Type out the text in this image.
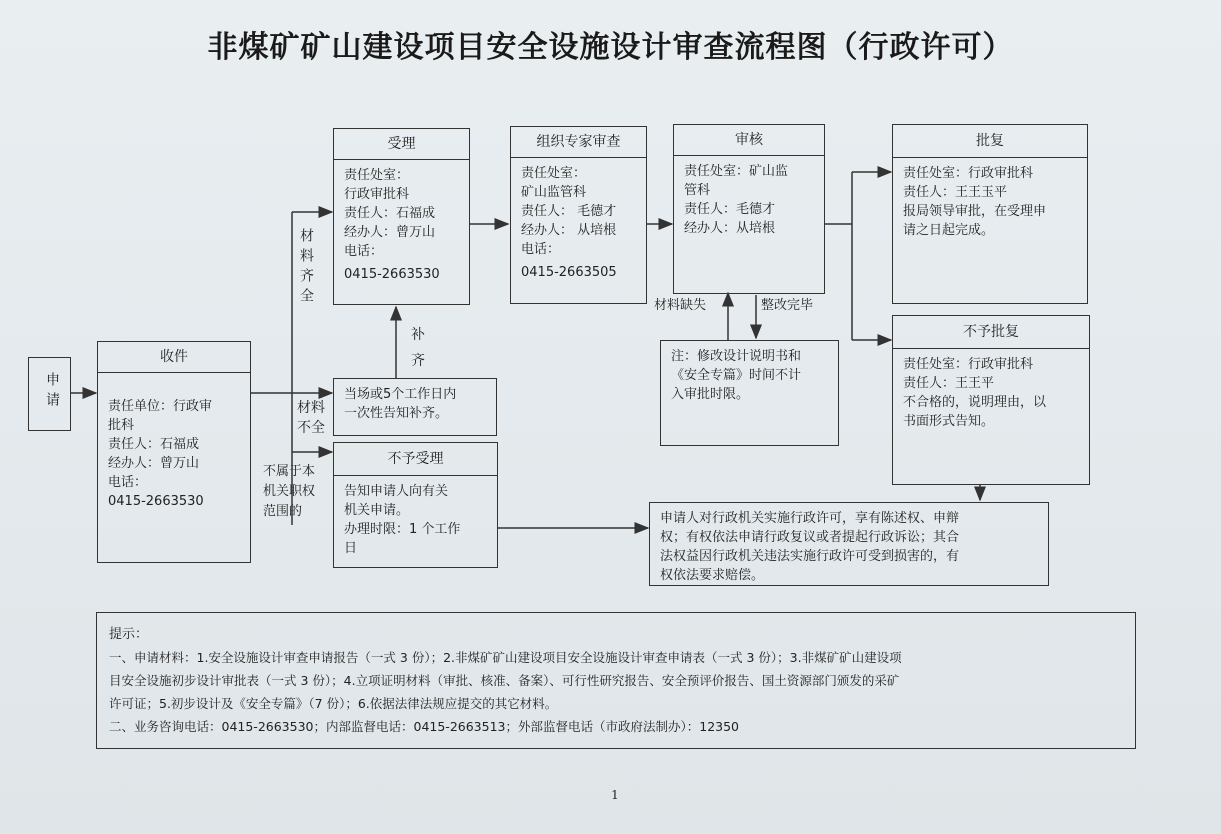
非煤矿矿山建设项目安全设施设计审查流程图（行政许可）
申请
收件
责任单位：行政审
批科
责任人：石福成
经办人：曾万山
电话：
0415-2663530
受理
责任处室：
行政审批科
责任人：石福成
经办人：曾万山
电话：
0415-2663530
组织专家审查
责任处室：
矿山监管科
责任人： 毛德才
经办人： 从培根
电话：
0415-2663505
审核
责任处室：矿山监
管科
责任人：毛德才
经办人：从培根
批复
责任处室：行政审批科
责任人：王王玉平
报局领导审批，在受理申
请之日起完成。
不予批复
责任处室：行政审批科
责任人：王王平
不合格的，说明理由，以
书面形式告知。
当场或5个工作日内
一次性告知补齐。
不予受理
告知申请人向有关
机关申请。
办理时限：1 个工作
日
注：修改设计说明书和
《安全专篇》时间不计
入审批时限。
申请人对行政机关实施行政许可，享有陈述权、申辩
权；有权依法申请行政复议或者提起行政诉讼；其合
法权益因行政机关违法实施行政许可受到损害的，有
权依法要求赔偿。
材料齐全
材料
不全
补
齐
不属于本
机关职权
范围的
材料缺失	整改完毕
提示：
一、申请材料：1.安全设施设计审查申请报告（一式 3 份）；2.非煤矿矿山建设项目安全设施设计审查申请表（一式 3 份）；3.非煤矿矿山建设项
目安全设施初步设计审批表（一式 3 份）；4.立项证明材料（审批、核准、备案）、可行性研究报告、安全预评价报告、国土资源部门颁发的采矿
许可证；5.初步设计及《安全专篇》（7 份）；6.依据法律法规应提交的其它材料。
二、业务咨询电话：0415-2663530；内部监督电话：0415-2663513；外部监督电话（市政府法制办）：12350
1
